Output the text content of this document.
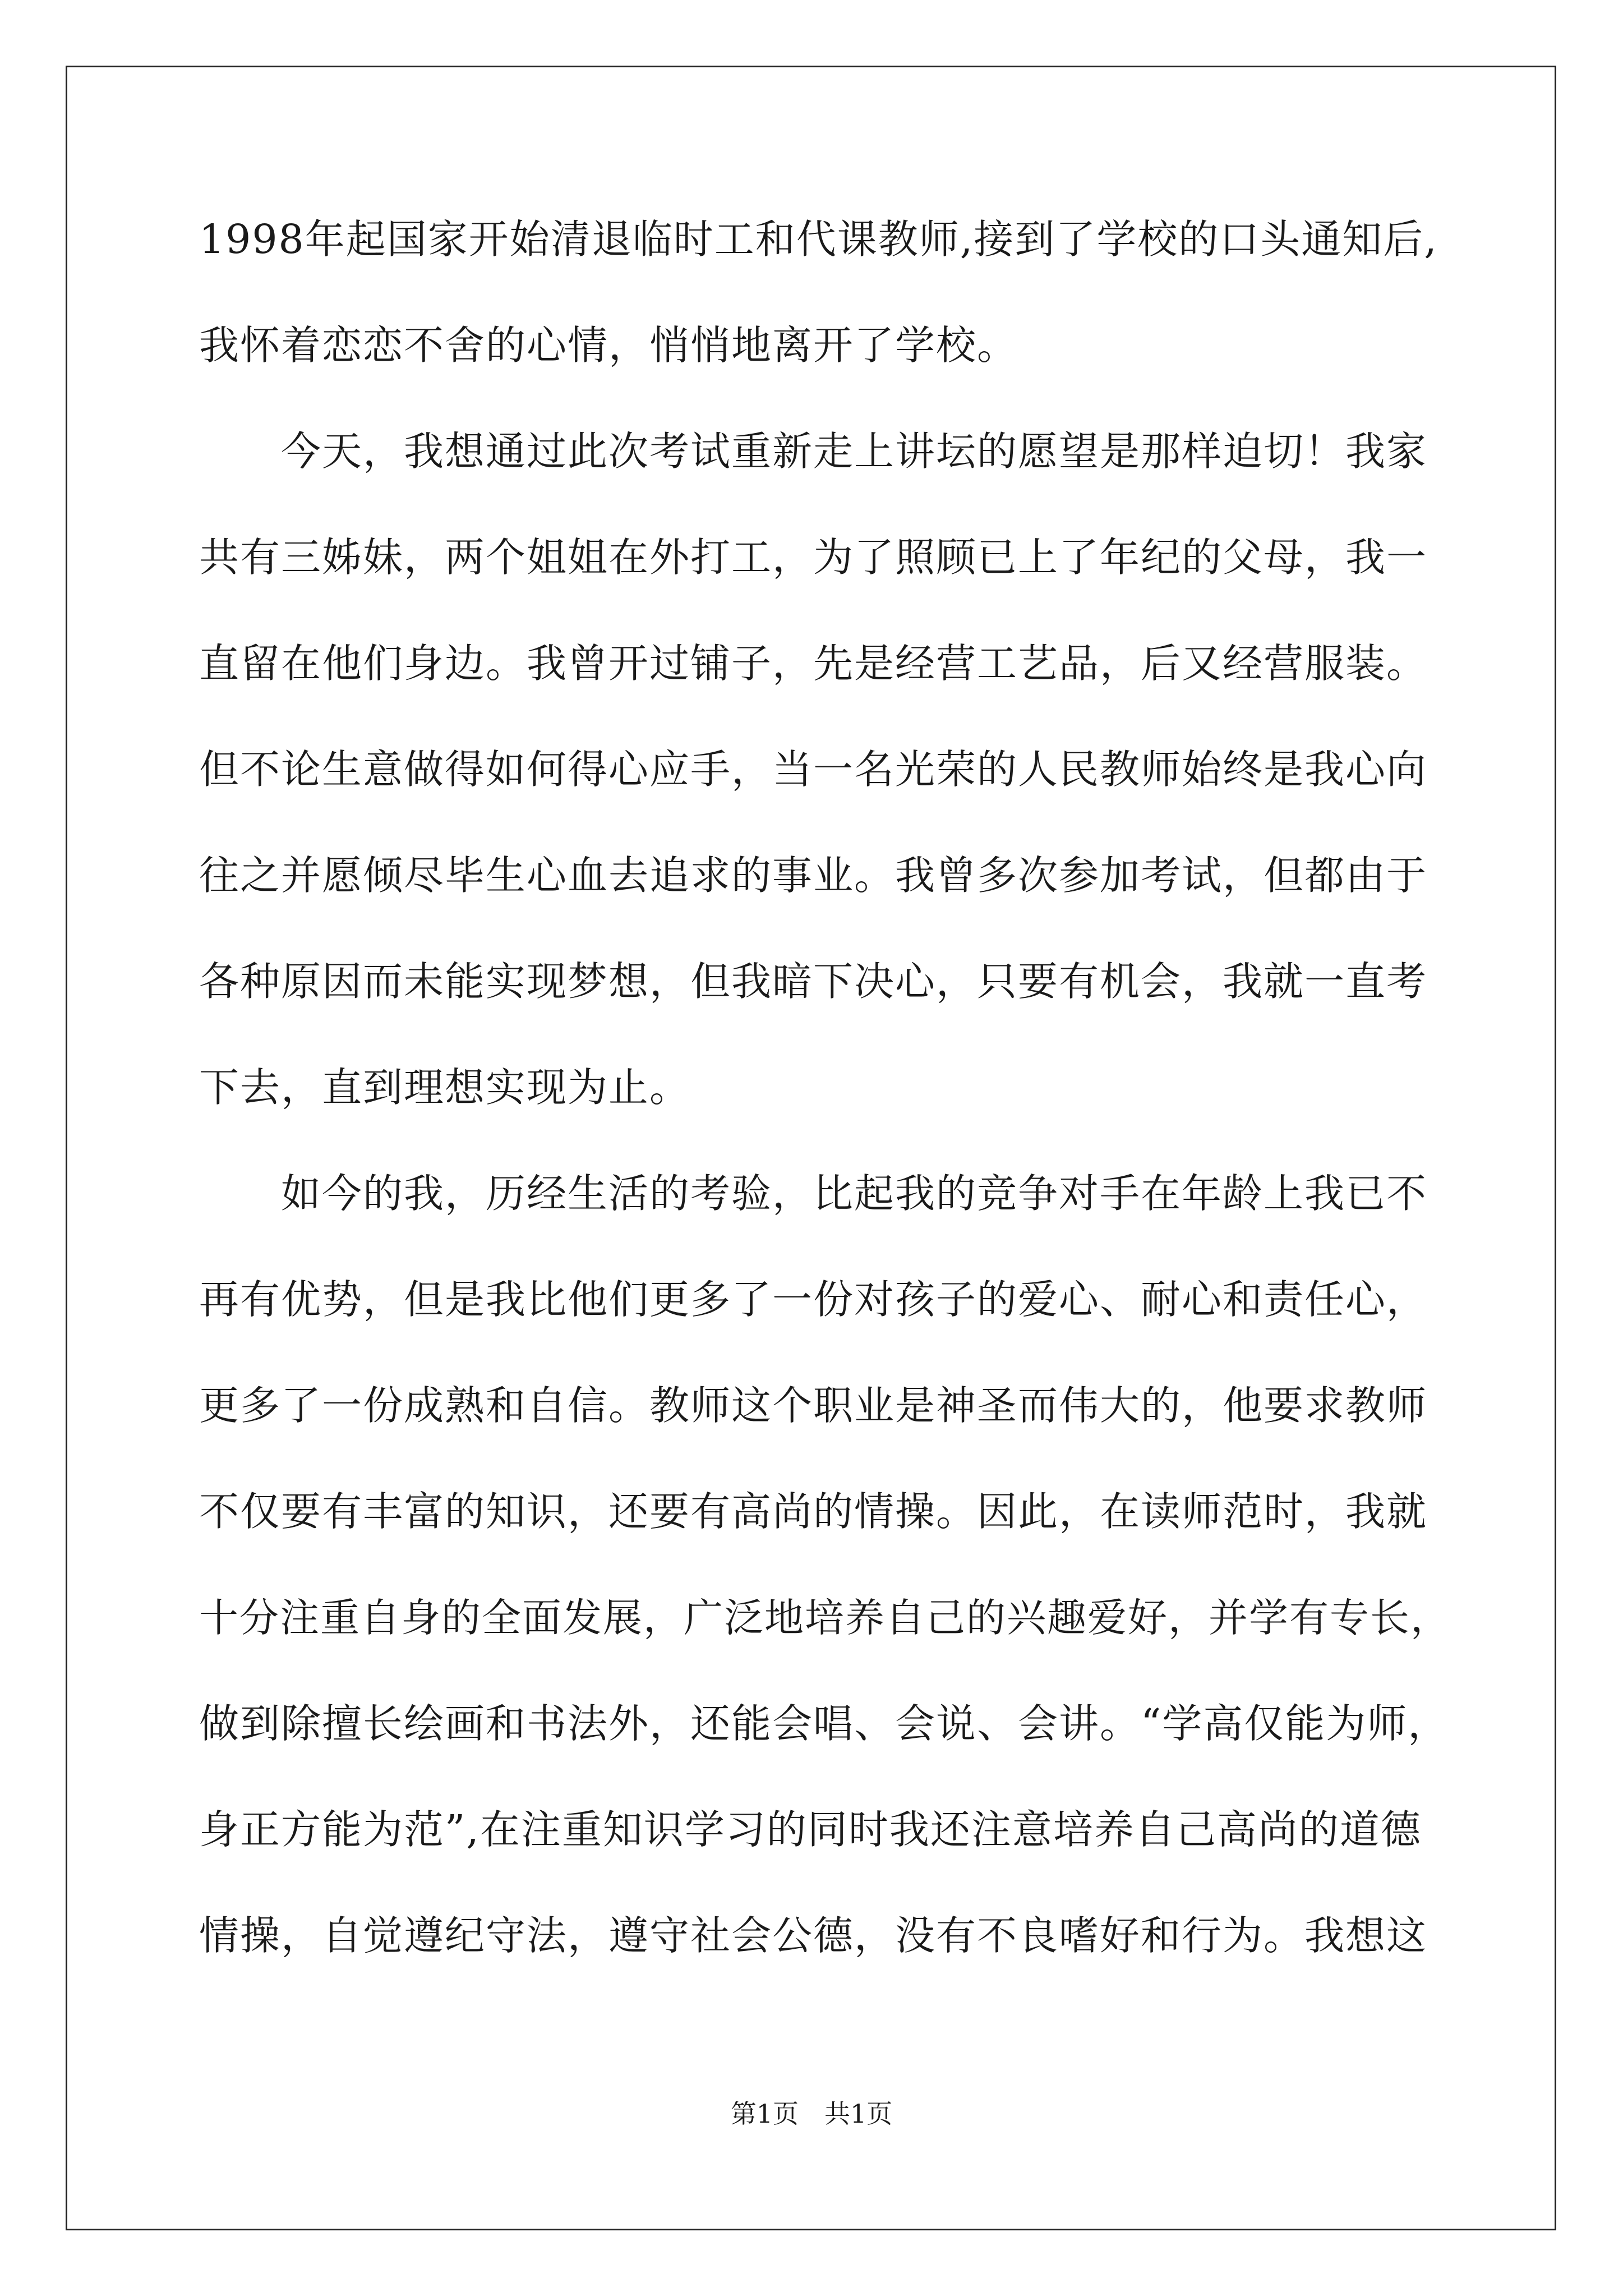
1998年起国家开始清退临时工和代课教师,接到了学校的口头通知后,
我怀着恋恋不舍的心情，悄悄地离开了学校。
　　今天，我想通过此次考试重新走上讲坛的愿望是那样迫切！我家
共有三姊妹，两个姐姐在外打工，为了照顾已上了年纪的父母，我一
直留在他们身边。我曾开过铺子，先是经营工艺品，后又经营服装。
但不论生意做得如何得心应手，当一名光荣的人民教师始终是我心向
往之并愿倾尽毕生心血去追求的事业。我曾多次参加考试，但都由于
各种原因而未能实现梦想，但我暗下决心，只要有机会，我就一直考
下去，直到理想实现为止。
　　如今的我，历经生活的考验，比起我的竞争对手在年龄上我已不
再有优势，但是我比他们更多了一份对孩子的爱心、耐心和责任心，
更多了一份成熟和自信。教师这个职业是神圣而伟大的，他要求教师
不仅要有丰富的知识，还要有高尚的情操。因此，在读师范时，我就
十分注重自身的全面发展，广泛地培养自己的兴趣爱好，并学有专长，
做到除擅长绘画和书法外，还能会唱、会说、会讲。“学高仅能为师，
身正方能为范”,在注重知识学习的同时我还注意培养自己高尚的道德
情操，自觉遵纪守法，遵守社会公德，没有不良嗜好和行为。我想这
第1页　共1页
